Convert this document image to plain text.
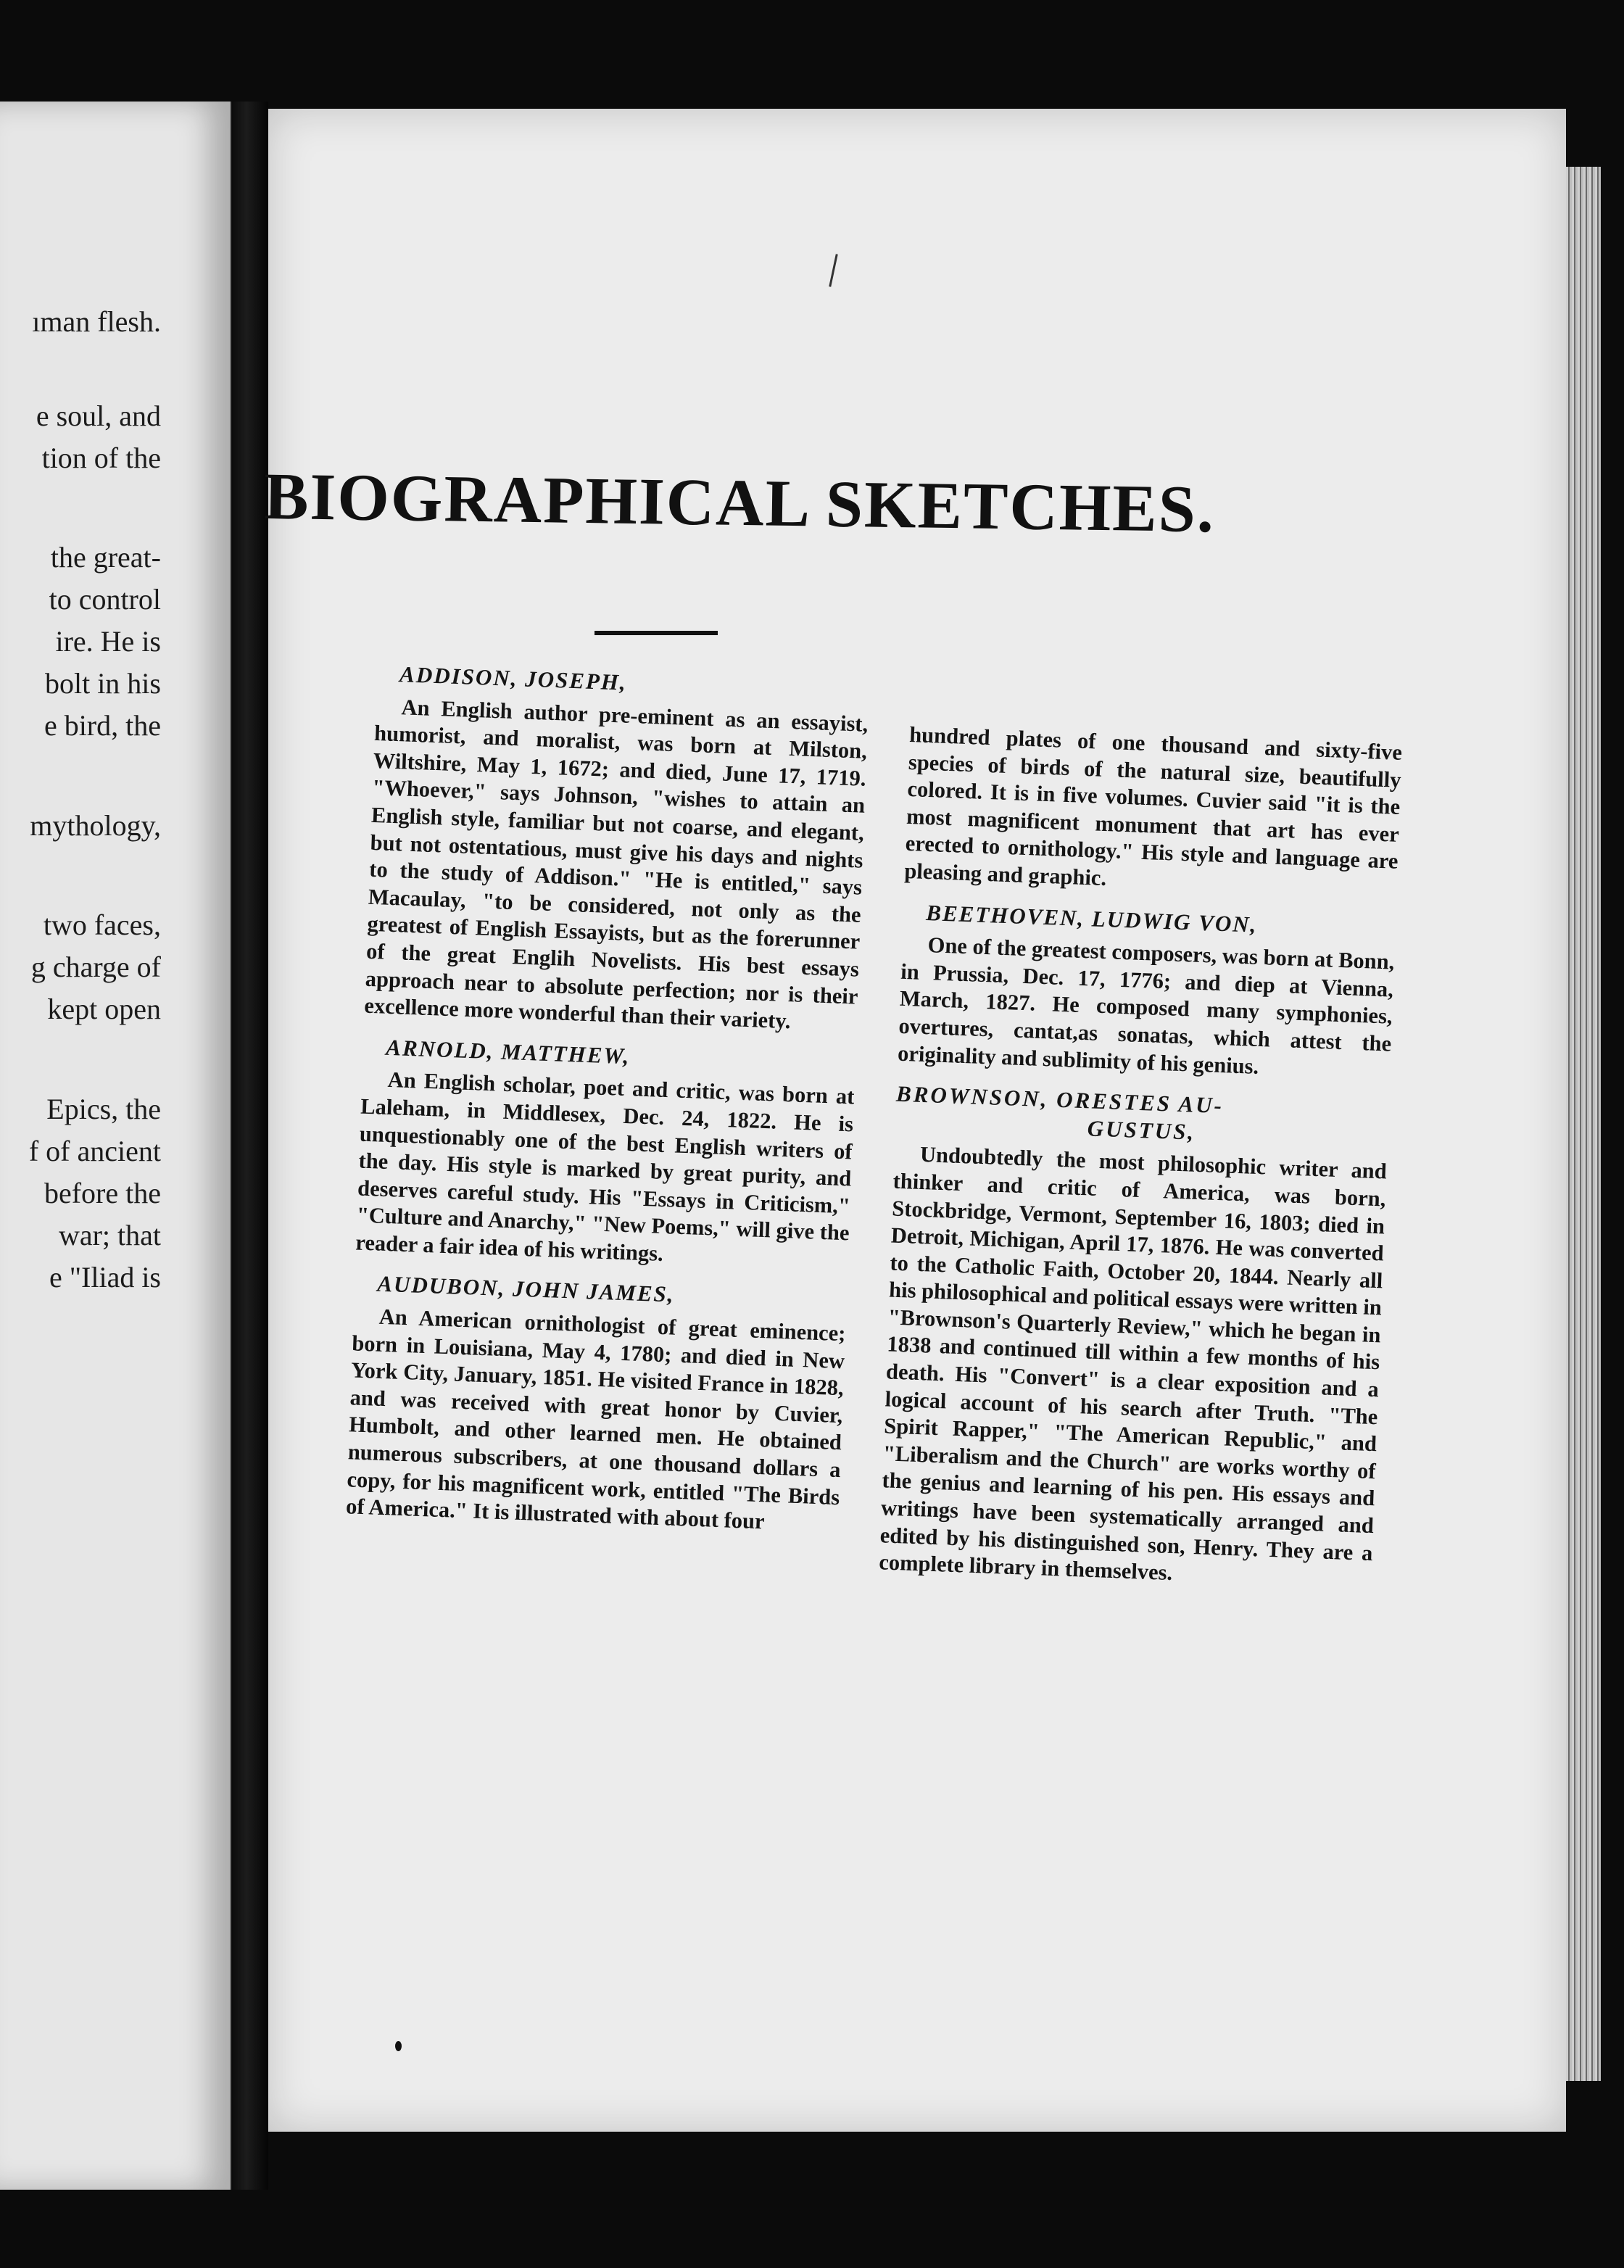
ıman flesh.
e soul, and
tion of the
the great-
to control
ire. He is
bolt in his
e bird, the
mythology,
two faces,
g charge of
kept open
Epics, the
f of ancient
before the
war; that
e "Iliad is
BIOGRAPHICAL SKETCHES.
ADDISON, JOSEPH,

An English author pre-eminent as an essayist, humorist, and moralist, was born at Milston, Wiltshire, May 1, 1672; and died, June 17, 1719. "Whoever," says Johnson, "wishes to attain an English style, familiar but not coarse, and elegant, but not ostentatious, must give his days and nights to the study of Addison." "He is entitled," says Macaulay, "to be considered, not only as the greatest of English Essayists, but as the forerunner of the great Englih Novelists. His best essays approach near to absolute perfection; nor is their excellence more wonderful than their variety.

ARNOLD, MATTHEW,

An English scholar, poet and critic, was born at Laleham, in Middlesex, Dec. 24, 1822. He is unquestionably one of the best English writers of the day. His style is marked by great purity, and deserves careful study. His "Essays in Criticism," "Culture and Anarchy," "New Poems," will give the reader a fair idea of his writings.

AUDUBON, JOHN JAMES,

An American ornithologist of great eminence; born in Louisiana, May 4, 1780; and died in New York City, January, 1851. He visited France in 1828, and was received with great honor by Cuvier, Humbolt, and other learned men. He obtained numerous subscribers, at one thousand dollars a copy, for his magnificent work, entitled "The Birds of America." It is illustrated with about four

hundred plates of one thousand and sixty-five species of birds of the natural size, beautifully colored. It is in five volumes. Cuvier said "it is the most magnificent monument that art has ever erected to ornithology." His style and language are pleasing and graphic.

BEETHOVEN, LUDWIG VON,

One of the greatest composers, was born at Bonn, in Prussia, Dec. 17, 1776; and diep at Vienna, March, 1827. He composed many symphonies, overtures, cantat,as sonatas, which attest the originality and sublimity of his genius.

BROWNSON, ORESTES AU-
GUSTUS,

Undoubtedly the most philosophic writer and thinker and critic of America, was born, Stockbridge, Vermont, September 16, 1803; died in Detroit, Michigan, April 17, 1876. He was converted to the Catholic Faith, October 20, 1844. Nearly all his philosophical and political essays were written in "Brownson's Quarterly Review," which he began in 1838 and continued till within a few months of his death. His "Convert" is a clear exposition and a logical account of his search after Truth. "The Spirit Rapper," "The American Republic," and "Liberalism and the Church" are works worthy of the genius and learning of his pen. His essays and writings have been systematically arranged and edited by his distinguished son, Henry. They are a complete library in themselves.
